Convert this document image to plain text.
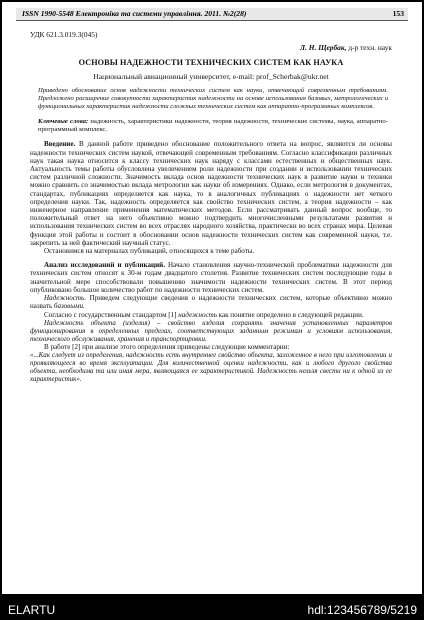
ISSN 1990-5548 Електроніка та системи управління. 2011. №2(28)	153

УДК 621.3.019.3(045)

Л. Н. Щербак, д-р техн. наук

ОСНОВЫ НАДЕЖНОСТИ ТЕХНИЧЕСКИХ СИСТЕМ КАК НАУКА

Национальный авиационный университет, e-mail: prof_Scherbak@ukr.net

Приведено обоснование основ надежности технических систем как науки, отвечающей современным требованиям. Предложено расширение совокупности характеристик надежности на основе использования базовых, метрологических и функциональных характеристик надежности сложных технических систем как аппаратно-программных комплексов.

Ключевые слова: надежность, характеристики надежности, теория надежности, технические системы, наука, аппаратно-программный комплекс.

Введение. В данной работе приведено обоснование положительного ответа на вопрос, являются ли основы надежности технических систем наукой, отвечающей современным требованиям. Согласно классификации различных наук такая наука относится к классу технических наук наряду с классами естественных и общественных наук. Актуальность темы работы обусловлена увеличением роли надежности при создании и использовании технических систем различной сложности. Значимость вклада основ надежности технических наук в развитие науки и техники можно сравнить со значимостью вклада метрологии как науки об измерениях. Однако, если метрология в документах, стандартах, публикациях определяется как наука, то в аналогичных публикациях о надежности нет четкого определения науки. Так, надежность определяется как свойство технических систем, а теория надежности – как инженерное направление применения математических методов. Если рассматривать данный вопрос вообще, то положительный ответ на него объективно можно подтвердить многочисленными результатами развития и использования технических систем во всех отраслях народного хозяйства, практически во всех странах мира. Целевая функция этой работы и состоит в обосновании основ надежности технических систем как современной науки, т.е. закрепить за ней фактический научный статус.

Остановимся на материалах публикаций, относящихся к теме работы.

Анализ исследований и публикаций. Начало становления научно-технической проблематики надежности для технических систем относят к 30-м годам двадцатого столетия. Развитие технических систем последующие годы в значительной мере способствовали повышению значимости надежности технических систем. В этот период опубликовано большое количество работ по надежности технических систем.

Надежность. Приведем следующие сведения о надежности технических систем, которые объективно можно назвать базовыми.

Согласно с государственным стандартом [1] надежность как понятие определено в следующей редакции.

Надежность объекта (изделия) – свойство изделия сохранять значения установленных параметров функционирования в определенных пределах, соответствующих заданным режимам и условиям использования, технического обслуживания, хранения и транспортировки.

В работе [2] при анализе этого определения приведены следующие комментарии:

«...Как следует из определения, надежность есть внутреннее свойство объекта, заложенное в него при изготовлении и проявляющееся во время эксплуатации. Для количественной оценки надежности, как и любого другого свойства объекта, необходима та или иная мера, являющаяся ее характеристикой. Надежность нельзя свести ни к одной из ее характеристик».

ELARTU	hdl:123456789/5219
